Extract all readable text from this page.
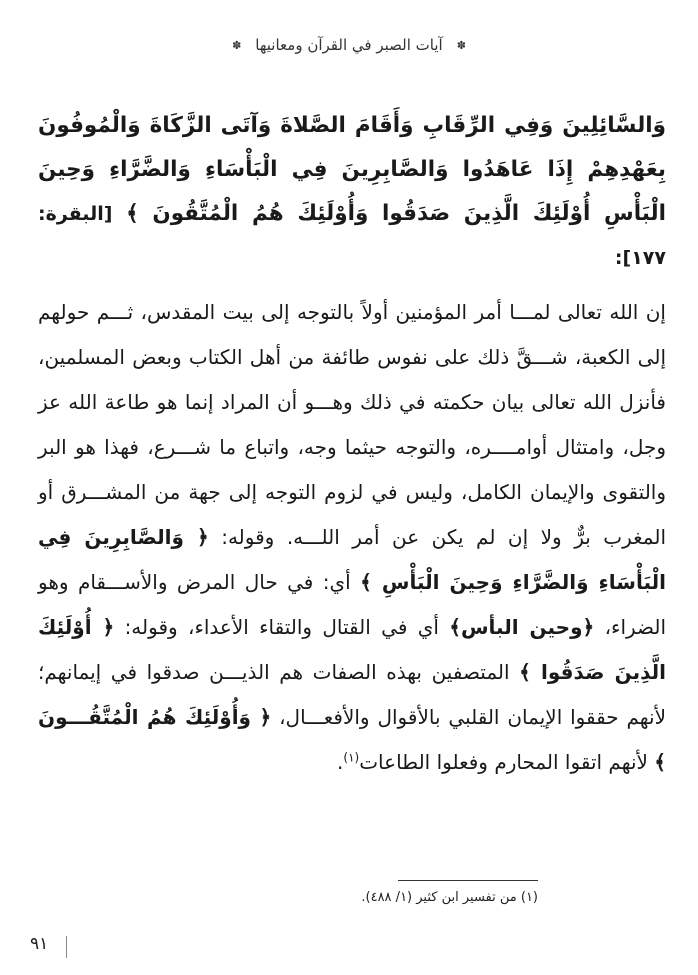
✽آيات الصبر في القرآن ومعانيها✽

وَالسَّائِلِينَ وَفِي الرِّقَابِ وَأَقَامَ الصَّلاةَ وَآتَى الزَّكَاةَ وَالْمُوفُونَ بِعَهْدِهِمْ إِذَا عَاهَدُوا وَالصَّابِرِينَ فِي الْبَأْسَاءِ وَالضَّرَّاءِ وَحِينَ الْبَأْسِ أُوْلَئِكَ الَّذِينَ صَدَقُوا وَأُوْلَئِكَ هُمُ الْمُتَّقُونَ ﴾ [البقرة: ١٧٧]:

إن الله تعالى لمـــا أمر المؤمنين أولاً بالتوجه إلى بيت المقدس، ثـــم حولهم إلى الكعبة، شـــقَّ ذلك على نفوس طائفة من أهل الكتاب وبعض المسلمين، فأنزل الله تعالى بيان حكمته في ذلك وهـــو أن المراد إنما هو طاعة الله عز وجل، وامتثال أوامــــره، والتوجه حيثما وجه، واتباع ما شـــرع، فهذا هو البر والتقوى والإيمان الكامل، وليس في لزوم التوجه إلى جهة من المشـــرق أو المغرب برٌّ ولا إن لم يكن عن أمر اللـــه. وقوله: ﴿ وَالصَّابِرِينَ فِي الْبَأْسَاءِ وَالضَّرَّاءِ وَحِينَ الْبَأْسِ ﴾ أي: في حال المرض والأســـقام وهو الضراء، ﴿وحين البأس﴾ أي في القتال والتقاء الأعداء، وقوله: ﴿ أُوْلَئِكَ الَّذِينَ صَدَقُوا ﴾ المتصفين بهذه الصفات هم الذيـــن صدقوا في إيمانهم؛ لأنهم حققوا الإيمان القلبي بالأقوال والأفعـــال، ﴿ وَأُوْلَئِكَ هُمُ الْمُتَّقُـــونَ ﴾ لأنهم اتقوا المحارم وفعلوا الطاعات$^{(١)}$.

(١) من تفسير ابن كثير (١/ ٤٨٨).
٩١
